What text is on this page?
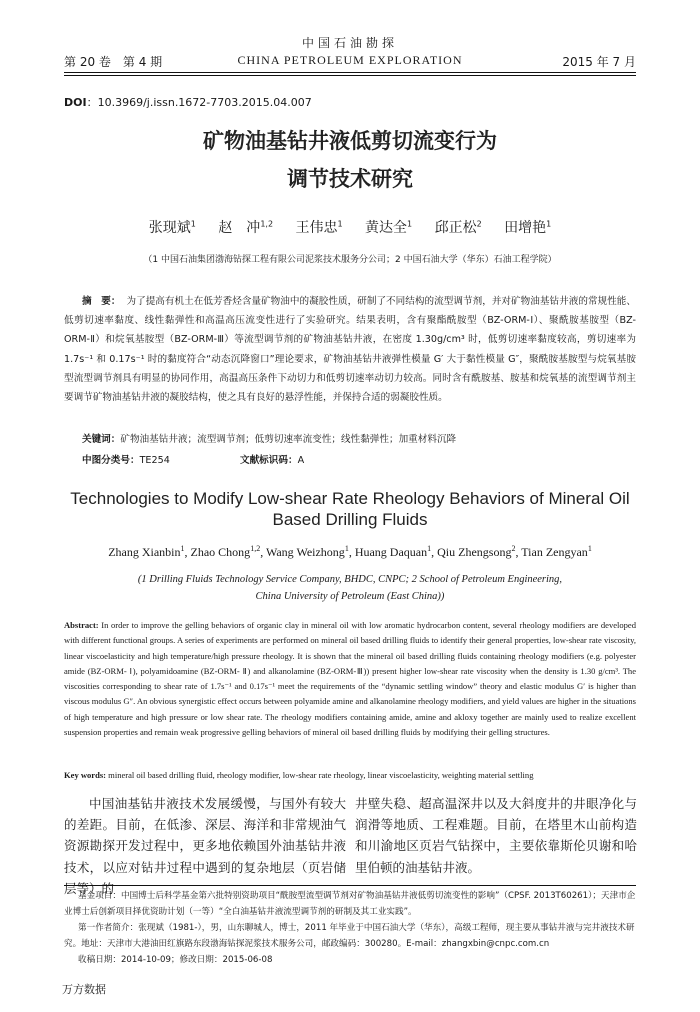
中国石油勘探
第 20 卷　第 4 期	CHINA PETROLEUM EXPLORATION	2015 年 7 月
DOI：10.3969/j.issn.1672-7703.2015.04.007
矿物油基钻井液低剪切流变行为
调节技术研究
张现斌$^1$ 赵　冲$^{1,2}$ 王伟忠$^1$ 黄达全$^1$ 邱正松$^2$ 田增艳$^1$
（1 中国石油集团渤海钻探工程有限公司泥浆技术服务分公司；2 中国石油大学（华东）石油工程学院）
摘　要： 为了提高有机土在低芳香烃含量矿物油中的凝胶性质，研制了不同结构的流型调节剂，并对矿物油基钻井液的常规性能、低剪切速率黏度、线性黏弹性和高温高压流变性进行了实验研究。结果表明，含有聚酯酰胺型（BZ-ORM-Ⅰ）、聚酰胺基胺型（BZ-ORM-Ⅱ）和烷氧基胺型（BZ-ORM-Ⅲ）等流型调节剂的矿物油基钻井液，在密度 1.30g/cm³ 时，低剪切速率黏度较高，剪切速率为 1.7s⁻¹ 和 0.17s⁻¹ 时的黏度符合“动态沉降窗口”理论要求，矿物油基钻井液弹性模量 G′ 大于黏性模量 G″，聚酰胺基胺型与烷氧基胺型流型调节剂具有明显的协同作用，高温高压条件下动切力和低剪切速率动切力较高。同时含有酰胺基、胺基和烷氧基的流型调节剂主要调节矿物油基钻井液的凝胶结构，使之具有良好的悬浮性能，并保持合适的弱凝胶性质。
关键词：矿物油基钻井液；流型调节剂；低剪切速率流变性；线性黏弹性；加重材料沉降
中图分类号：TE254	文献标识码：A
Technologies to Modify Low-shear Rate Rheology Behaviors of Mineral Oil
Based Drilling Fluids
Zhang Xianbin$^1$, Zhao Chong$^{1,2}$, Wang Weizhong$^1$, Huang Daquan$^1$, Qiu Zhengsong$^2$, Tian Zengyan$^1$
(1 Drilling Fluids Technology Service Company, BHDC, CNPC; 2 School of Petroleum Engineering,
China University of Petroleum (East China))
Abstract: In order to improve the gelling behaviors of organic clay in mineral oil with low aromatic hydrocarbon content, several rheology modifiers are developed with different functional groups. A series of experiments are performed on mineral oil based drilling fluids to identify their general properties, low-shear rate viscosity, linear viscoelasticity and high temperature/high pressure rheology. It is shown that the mineral oil based drilling fluids containing rheology modifiers (e.g. polyester amide (BZ-ORM- Ⅰ), polyamidoamine (BZ-ORM- Ⅱ) and alkanolamine (BZ-ORM-Ⅲ)) present higher low-shear rate viscosity when the density is 1.30 g/cm³. The viscosities corresponding to shear rate of 1.7s⁻¹ and 0.17s⁻¹ meet the requirements of the “dynamic settling window” theory and elastic modulus G′ is higher than viscous modulus G″. An obvious synergistic effect occurs between polyamide amine and alkanolamine rheology modifiers, and yield values are higher in the situations of high temperature and high pressure or low shear rate. The rheology modifiers containing amide, amine and akloxy together are mainly used to realize excellent suspension properties and remain weak progressive gelling behaviors of mineral oil based drilling fluids by modifying their gelling structures.
Key words: mineral oil based drilling fluid, rheology modifier, low-shear rate rheology, linear viscoelasticity, weighting material settling
中国油基钻井液技术发展缓慢，与国外有较大的差距。目前，在低渗、深层、海洋和非常规油气资源勘探开发过程中，更多地依赖国外油基钻井液技术，以应对钻井过程中遇到的复杂地层（页岩储层等）的
井壁失稳、超高温深井以及大斜度井的井眼净化与润滑等地质、工程难题。目前，在塔里木山前构造和川渝地区页岩气钻探中，主要依靠斯伦贝谢和哈里伯顿的油基钻井液。

基金项目：中国博士后科学基金第六批特别资助项目“酰胺型流型调节剂对矿物油基钻井液低剪切流变性的影响”（CPSF. 2013T60261）；天津市企业博士后创新项目择优资助计划（一等）“全白油基钻井液流型调节剂的研制及其工业实践”。

第一作者简介：张现斌（1981-），男，山东聊城人，博士，2011 年毕业于中国石油大学（华东），高级工程师，现主要从事钻井液与完井液技术研究。地址：天津市大港油田红旗路东段渤海钻探泥浆技术服务公司，邮政编码：300280。E-mail：zhangxbin@cnpc.com.cn

收稿日期：2014-10-09；修改日期：2015-06-08

万方数据
